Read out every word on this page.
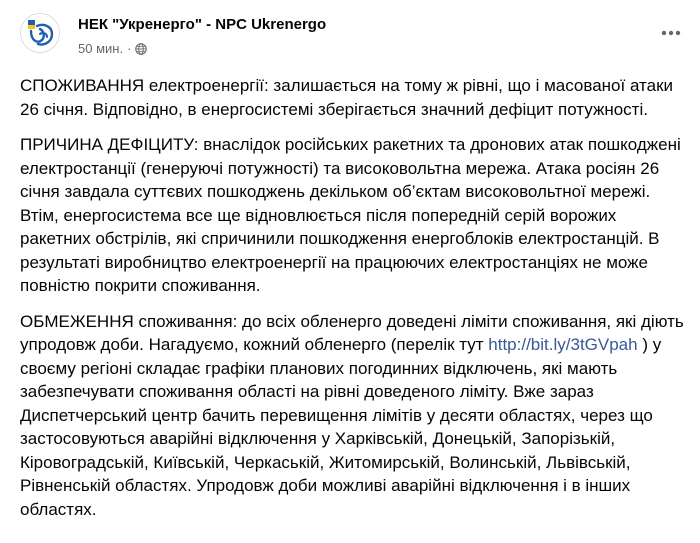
НЕК "Укренерго" - NPC Ukrenergo
50 мин. ·

СПОЖИВАННЯ електроенергії: залишається на тому ж рівні, що і масованої атаки 26 січня. Відповідно, в енергосистемі зберігається значний дефіцит потужності.

ПРИЧИНА ДЕФІЦИТУ: внаслідок російських ракетних та дронових атак пошкоджені електростанції (генеруючі потужності) та високовольтна мережа. Атака росіян 26 січня завдала суттєвих пошкоджень декільком об’єктам високовольтної мережі. Втім, енергосистема все ще відновлюється після попередній серій ворожих ракетних обстрілів, які спричинили пошкодження енергоблоків електростанцій. В результаті виробництво електроенергії на працюючих електростанціях не може повністю покрити споживання.

ОБМЕЖЕННЯ споживання: до всіх обленерго доведені ліміти споживання, які діють упродовж доби. Нагадуємо, кожний обленерго (перелік тут http://bit.ly/3tGVpah ) у своєму регіоні складає графіки планових погодинних відключень, які мають забезпечувати споживання області на рівні доведеного ліміту. Вже зараз Диспетчерський центр бачить перевищення лімітів у десяти областях, через що застосовуються аварійні відключення у Харківській, Донецькій, Запорізькій, Кіровоградській, Київській, Черкаській, Житомирській, Волинській, Львівській, Рівненській областях. Упродовж доби можливі аварійні відключення і в інших областях.
